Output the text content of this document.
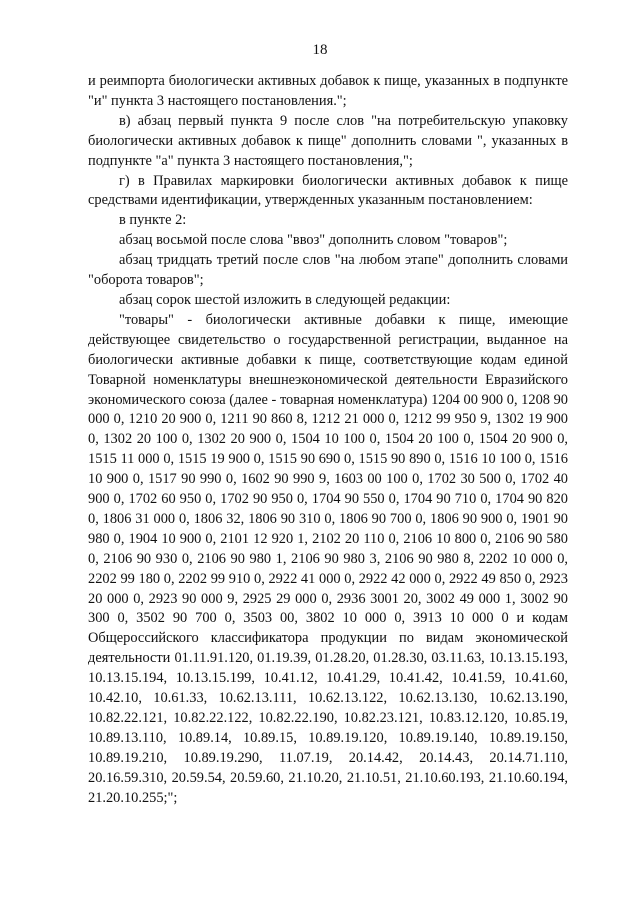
18

и реимпорта биологически активных добавок к пище, указанных в подпункте "и" пункта 3 настоящего постановления.";

в) абзац первый пункта 9 после слов "на потребительскую упаковку биологически активных добавок к пище" дополнить словами ", указанных в подпункте "а" пункта 3 настоящего постановления,";

г) в Правилах маркировки биологически активных добавок к пище средствами идентификации, утвержденных указанным постановлением:

в пункте 2:

абзац восьмой после слова "ввоз" дополнить словом "товаров";

абзац тридцать третий после слов "на любом этапе" дополнить словами "оборота товаров";

абзац сорок шестой изложить в следующей редакции:

"товары" - биологически активные добавки к пище, имеющие действующее свидетельство о государственной регистрации, выданное на биологически активные добавки к пище, соответствующие кодам единой Товарной номенклатуры внешнеэкономической деятельности Евразийского экономического союза (далее - товарная номенклатура) 1204 00 900 0, 1208 90 000 0, 1210 20 900 0, 1211 90 860 8, 1212 21 000 0, 1212 99 950 9, 1302 19 900 0, 1302 20 100 0, 1302 20 900 0, 1504 10 100 0, 1504 20 100 0, 1504 20 900 0, 1515 11 000 0, 1515 19 900 0, 1515 90 690 0, 1515 90 890 0, 1516 10 100 0, 1516 10 900 0, 1517 90 990 0, 1602 90 990 9, 1603 00 100 0, 1702 30 500 0, 1702 40 900 0, 1702 60 950 0, 1702 90 950 0, 1704 90 550 0, 1704 90 710 0, 1704 90 820 0, 1806 31 000 0, 1806 32, 1806 90 310 0, 1806 90 700 0, 1806 90 900 0, 1901 90 980 0, 1904 10 900 0, 2101 12 920 1, 2102 20 110 0, 2106 10 800 0, 2106 90 580 0, 2106 90 930 0, 2106 90 980 1, 2106 90 980 3, 2106 90 980 8, 2202 10 000 0, 2202 99 180 0, 2202 99 910 0, 2922 41 000 0, 2922 42 000 0, 2922 49 850 0, 2923 20 000 0, 2923 90 000 9, 2925 29 000 0, 2936 3001 20, 3002 49 000 1, 3002 90 300 0, 3502 90 700 0, 3503 00, 3802 10 000 0, 3913 10 000 0 и кодам Общероссийского классификатора продукции по видам экономической деятельности 01.11.91.120, 01.19.39, 01.28.20, 01.28.30, 03.11.63, 10.13.15.193, 10.13.15.194, 10.13.15.199, 10.41.12, 10.41.29, 10.41.42, 10.41.59, 10.41.60, 10.42.10, 10.61.33, 10.62.13.111, 10.62.13.122, 10.62.13.130, 10.62.13.190, 10.82.22.121, 10.82.22.122, 10.82.22.190, 10.82.23.121, 10.83.12.120, 10.85.19, 10.89.13.110, 10.89.14, 10.89.15, 10.89.19.120, 10.89.19.140, 10.89.19.150, 10.89.19.210, 10.89.19.290, 11.07.19, 20.14.42, 20.14.43, 20.14.71.110, 20.16.59.310, 20.59.54, 20.59.60, 21.10.20, 21.10.51, 21.10.60.193, 21.10.60.194, 21.20.10.255;";
